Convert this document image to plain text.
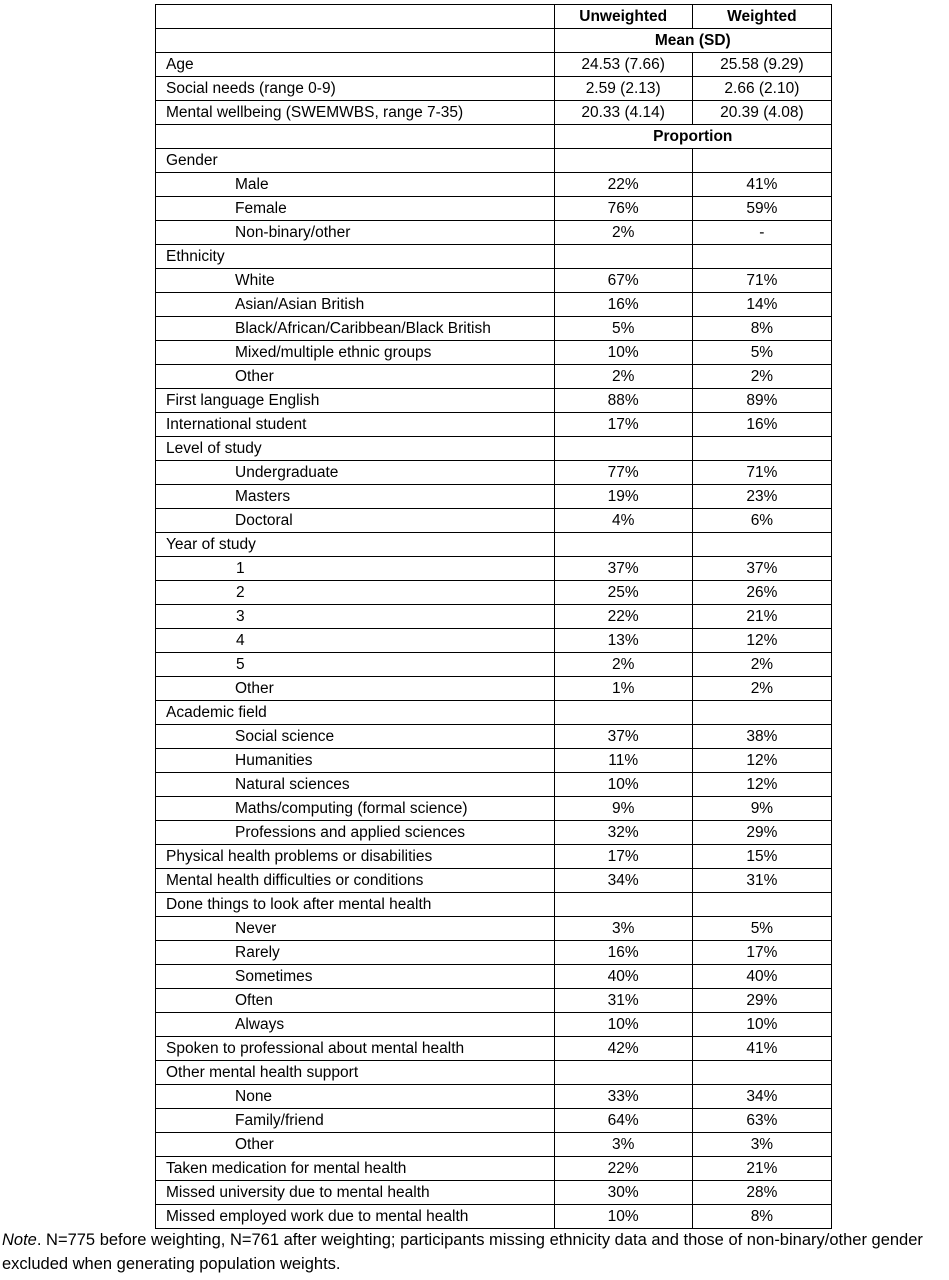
	Unweighted	Weighted
	Mean (SD)	
Age	24.53 (7.66)	25.58 (9.29)
Social needs (range 0-9)	2.59 (2.13)	2.66 (2.10)
Mental wellbeing (SWEMWBS, range 7-35)	20.33 (4.14)	20.39 (4.08)
	Proportion	
Gender		
Male	22%	41%
Female	76%	59%
Non-binary/other	2%	-
Ethnicity		
White	67%	71%
Asian/Asian British	16%	14%
Black/African/Caribbean/Black British	5%	8%
Mixed/multiple ethnic groups	10%	5%
Other	2%	2%
First language English	88%	89%
International student	17%	16%
Level of study		
Undergraduate	77%	71%
Masters	19%	23%
Doctoral	4%	6%
Year of study		
1	37%	37%
2	25%	26%
3	22%	21%
4	13%	12%
5	2%	2%
Other	1%	2%
Academic field		
Social science	37%	38%
Humanities	11%	12%
Natural sciences	10%	12%
Maths/computing (formal science)	9%	9%
Professions and applied sciences	32%	29%
Physical health problems or disabilities	17%	15%
Mental health difficulties or conditions	34%	31%
Done things to look after mental health		
Never	3%	5%
Rarely	16%	17%
Sometimes	40%	40%
Often	31%	29%
Always	10%	10%
Spoken to professional about mental health	42%	41%
Other mental health support		
None	33%	34%
Family/friend	64%	63%
Other	3%	3%
Taken medication for mental health	22%	21%
Missed university due to mental health	30%	28%
Missed employed work due to mental health	10%	8%

Note. N=775 before weighting, N=761 after weighting; participants missing ethnicity data and those of non-binary/other gender excluded when generating population weights.
